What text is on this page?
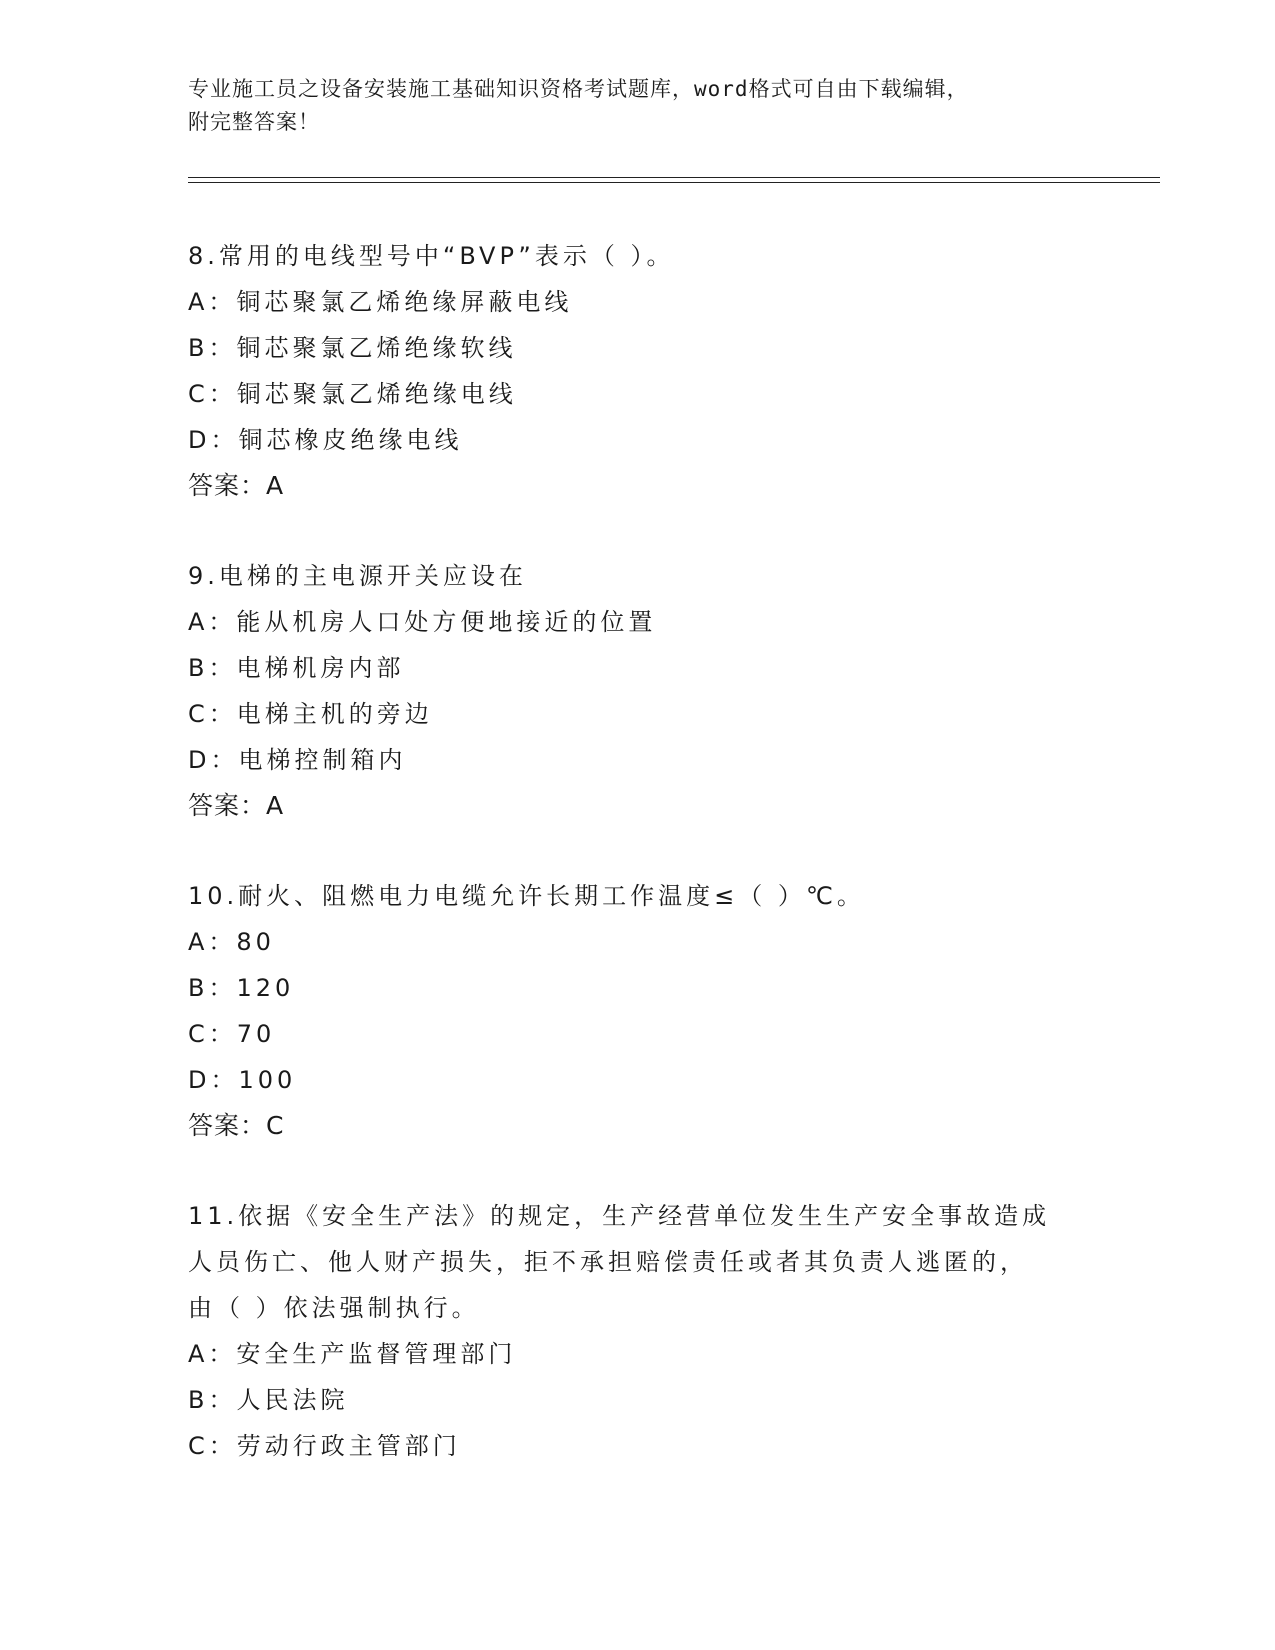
专业施工员之设备安装施工基础知识资格考试题库，word格式可自由下载编辑，
附完整答案！
8.常用的电线型号中“BVP”表示（ ）。
A：铜芯聚氯乙烯绝缘屏蔽电线
B：铜芯聚氯乙烯绝缘软线
C：铜芯聚氯乙烯绝缘电线
D：铜芯橡皮绝缘电线
答案：A
9.电梯的主电源开关应设在
A：能从机房人口处方便地接近的位置
B：电梯机房内部
C：电梯主机的旁边
D：电梯控制箱内
答案：A
10.耐火、阻燃电力电缆允许长期工作温度≤（ ）℃。
A：80
B：120
C：70
D：100
答案：C
11.依据《安全生产法》的规定，生产经营单位发生生产安全事故造成
人员伤亡、他人财产损失，拒不承担赔偿责任或者其负责人逃匿的，
由（ ）依法强制执行。
A：安全生产监督管理部门
B：人民法院
C：劳动行政主管部门
